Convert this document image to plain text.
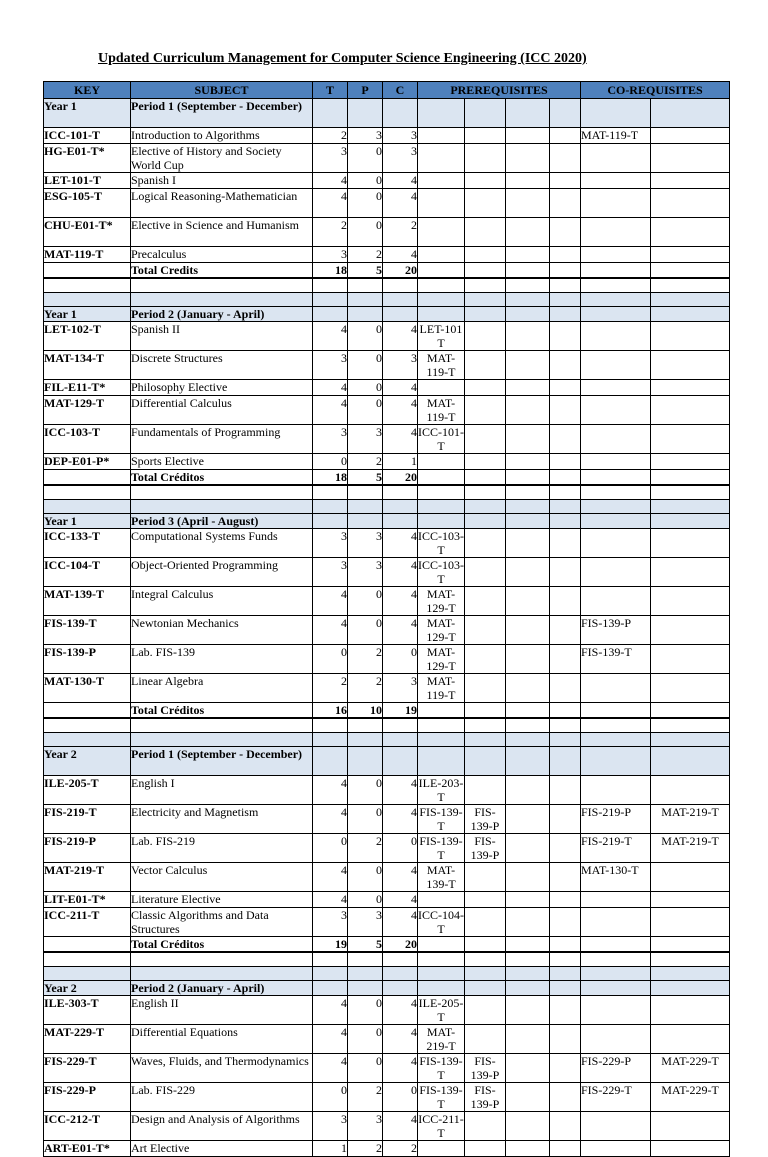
Updated Curriculum Management for Computer Science Engineering (ICC 2020)
KEY	SUBJECT	T	P	C	PREREQUISITES				CO-REQUISITES	
Year 1	Period 1 (September - December)									
ICC-101-T	Introduction to Algorithms	2	3	3					MAT-119-T	
HG-E01-T*	Elective of History and Society World Cup	3	0	3						
LET-101-T	Spanish I	4	0	4						
ESG-105-T	Logical Reasoning-Mathematician	4	0	4						
CHU-E01-T*	Elective in Science and Humanism	2	0	2						
MAT-119-T	Precalculus	3	2	4						
	Total Credits	18	5	20						

Year 1	Period 2 (January - April)									
LET-102-T	Spanish II	4	0	4	LET-101 T					
MAT-134-T	Discrete Structures	3	0	3	MAT-119-T					
FIL-E11-T*	Philosophy Elective	4	0	4						
MAT-129-T	Differential Calculus	4	0	4	MAT-119-T					
ICC-103-T	Fundamentals of Programming	3	3	4	ICC-101-T					
DEP-E01-P*	Sports Elective	0	2	1						
	Total Créditos	18	5	20						

Year 1	Period 3 (April - August)									
ICC-133-T	Computational Systems Funds	3	3	4	ICC-103-T					
ICC-104-T	Object-Oriented Programming	3	3	4	ICC-103-T					
MAT-139-T	Integral Calculus	4	0	4	MAT-129-T					
FIS-139-T	Newtonian Mechanics	4	0	4	MAT-129-T				FIS-139-P	
FIS-139-P	Lab. FIS-139	0	2	0	MAT-129-T				FIS-139-T	
MAT-130-T	Linear Algebra	2	2	3	MAT-119-T					
	Total Créditos	16	10	19						

Year 2	Period 1 (September - December)									
ILE-205-T	English I	4	0	4	ILE-203-T					
FIS-219-T	Electricity and Magnetism	4	0	4	FIS-139-T	FIS-139-P			FIS-219-P	MAT-219-T
FIS-219-P	Lab. FIS-219	0	2	0	FIS-139-T	FIS-139-P			FIS-219-T	MAT-219-T
MAT-219-T	Vector Calculus	4	0	4	MAT-139-T				MAT-130-T	
LIT-E01-T*	Literature Elective	4	0	4						
ICC-211-T	Classic Algorithms and Data Structures	3	3	4	ICC-104-T					
	Total Créditos	19	5	20						

Year 2	Period 2 (January - April)									
ILE-303-T	English II	4	0	4	ILE-205-T					
MAT-229-T	Differential Equations	4	0	4	MAT-219-T					
FIS-229-T	Waves, Fluids, and Thermodynamics	4	0	4	FIS-139-T	FIS-139-P			FIS-229-P	MAT-229-T
FIS-229-P	Lab. FIS-229	0	2	0	FIS-139-T	FIS-139-P			FIS-229-T	MAT-229-T
ICC-212-T	Design and Analysis of Algorithms	3	3	4	ICC-211-T					
ART-E01-T*	Art Elective	1	2	2						
